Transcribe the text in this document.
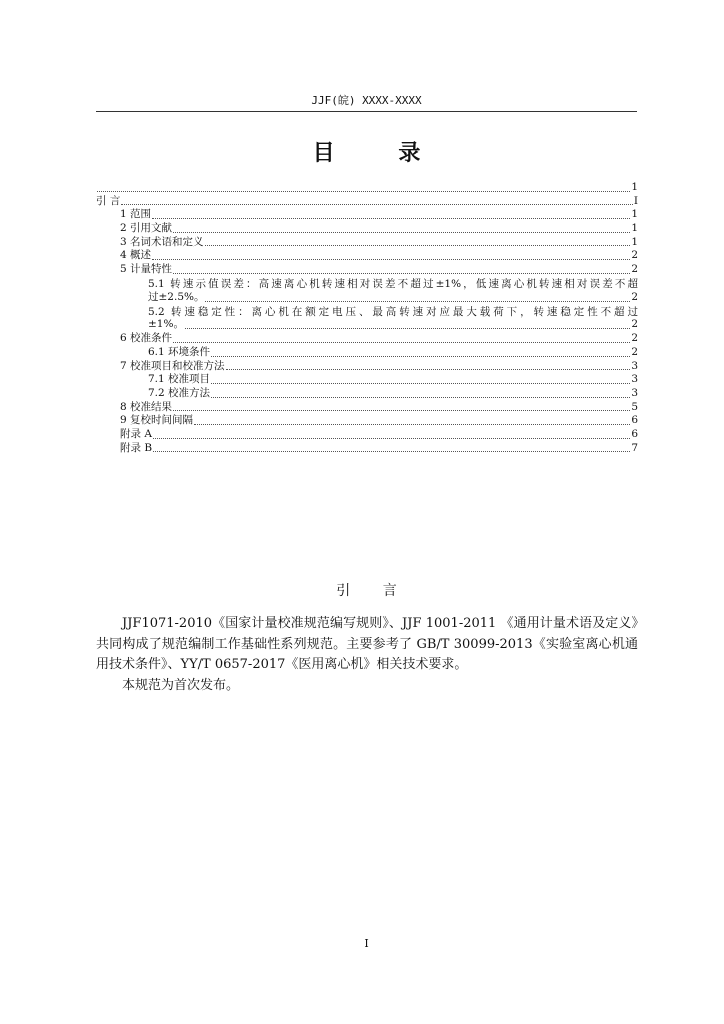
JJF(皖) XXXX-XXXX
目 录
1
引 言	I
1 范围	1
2 引用文献	1
3 名词术语和定义	1
4 概述	2
5 计量特性	2
5.1 转速示值误差：高速离心机转速相对误差不超过±1%，低速离心机转速相对误差不超
过±2.5%。	2
5.2 转速稳定性：离心机在额定电压、最高转速对应最大载荷下，转速稳定性不超过
±1%。	2
6 校准条件	2
6.1 环境条件	2
7 校准项目和校准方法	3
7.1 校准项目	3
7.2 校准方法	3
8 校准结果	5
9 复校时间间隔	6
附录 A	6
附录 B	7
引 言

JJF1071-2010《国家计量校准规范编写规则》、JJF 1001-2011 《通用计量术语及定义》共同构成了规范编制工作基础性系列规范。主要参考了 GB/T 30099-2013《实验室离心机通用技术条件》、YY/T 0657-2017《医用离心机》相关技术要求。

本规范为首次发布。

I
